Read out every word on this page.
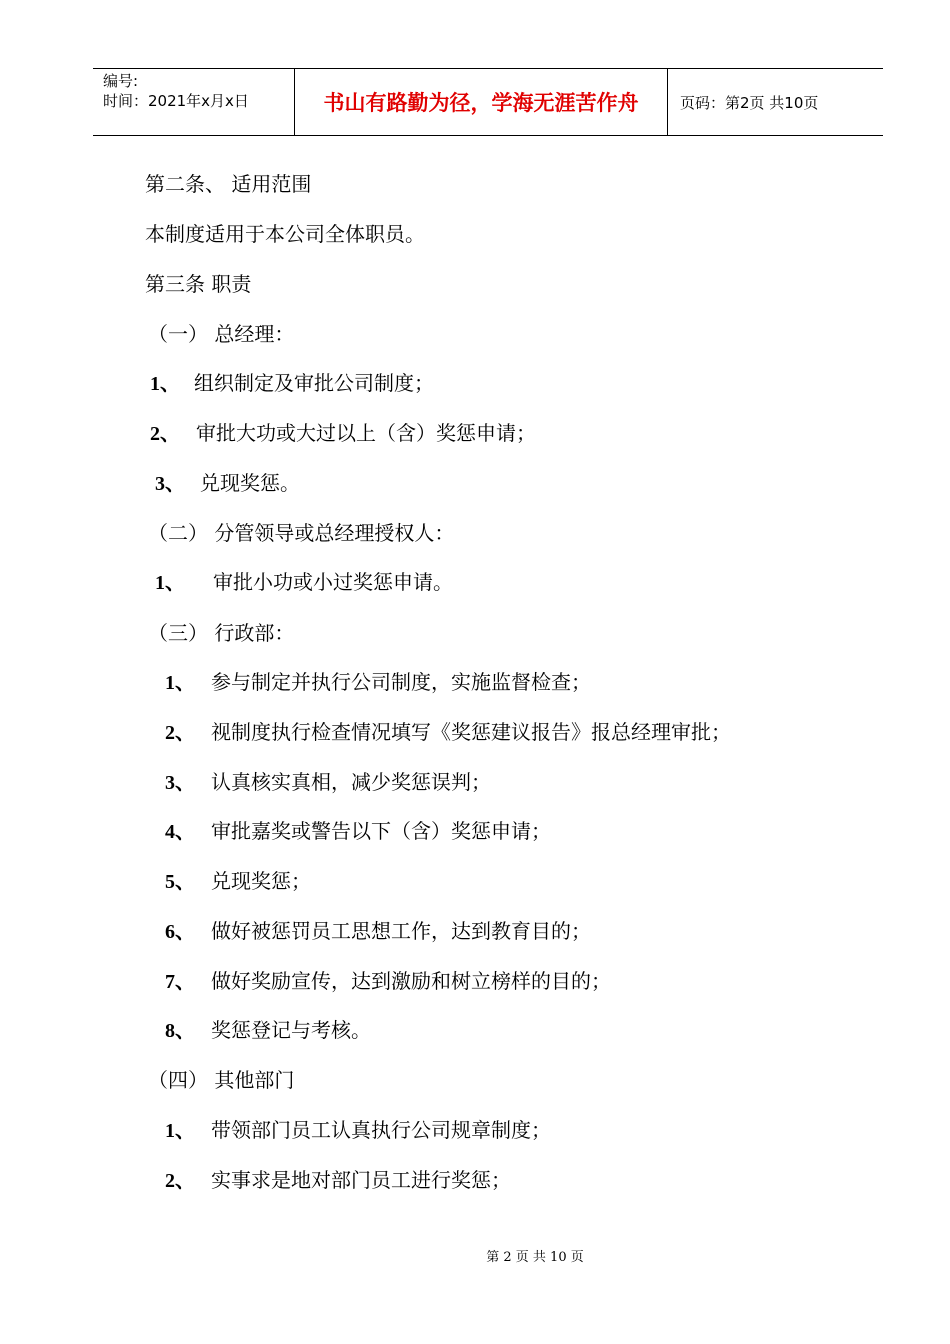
编号:
时间：2021年x月x日	书山有路勤为径，学海无涯苦作舟	页码：第2页 共10页
第二条、 适用范围
本制度适用于本公司全体职员。
第三条 职责
（一） 总经理：
1、 组织制定及审批公司制度；
2、 审批大功或大过以上（含）奖惩申请；
3、 兑现奖惩。
（二） 分管领导或总经理授权人：
1、 审批小功或小过奖惩申请。
（三） 行政部：
1、 参与制定并执行公司制度，实施监督检查；
2、 视制度执行检查情况填写《奖惩建议报告》报总经理审批；
3、 认真核实真相，减少奖惩误判；
4、 审批嘉奖或警告以下（含）奖惩申请；
5、 兑现奖惩；
6、 做好被惩罚员工思想工作，达到教育目的；
7、 做好奖励宣传，达到激励和树立榜样的目的；
8、 奖惩登记与考核。
（四） 其他部门
1、 带领部门员工认真执行公司规章制度；
2、 实事求是地对部门员工进行奖惩；
第 2 页 共 10 页
